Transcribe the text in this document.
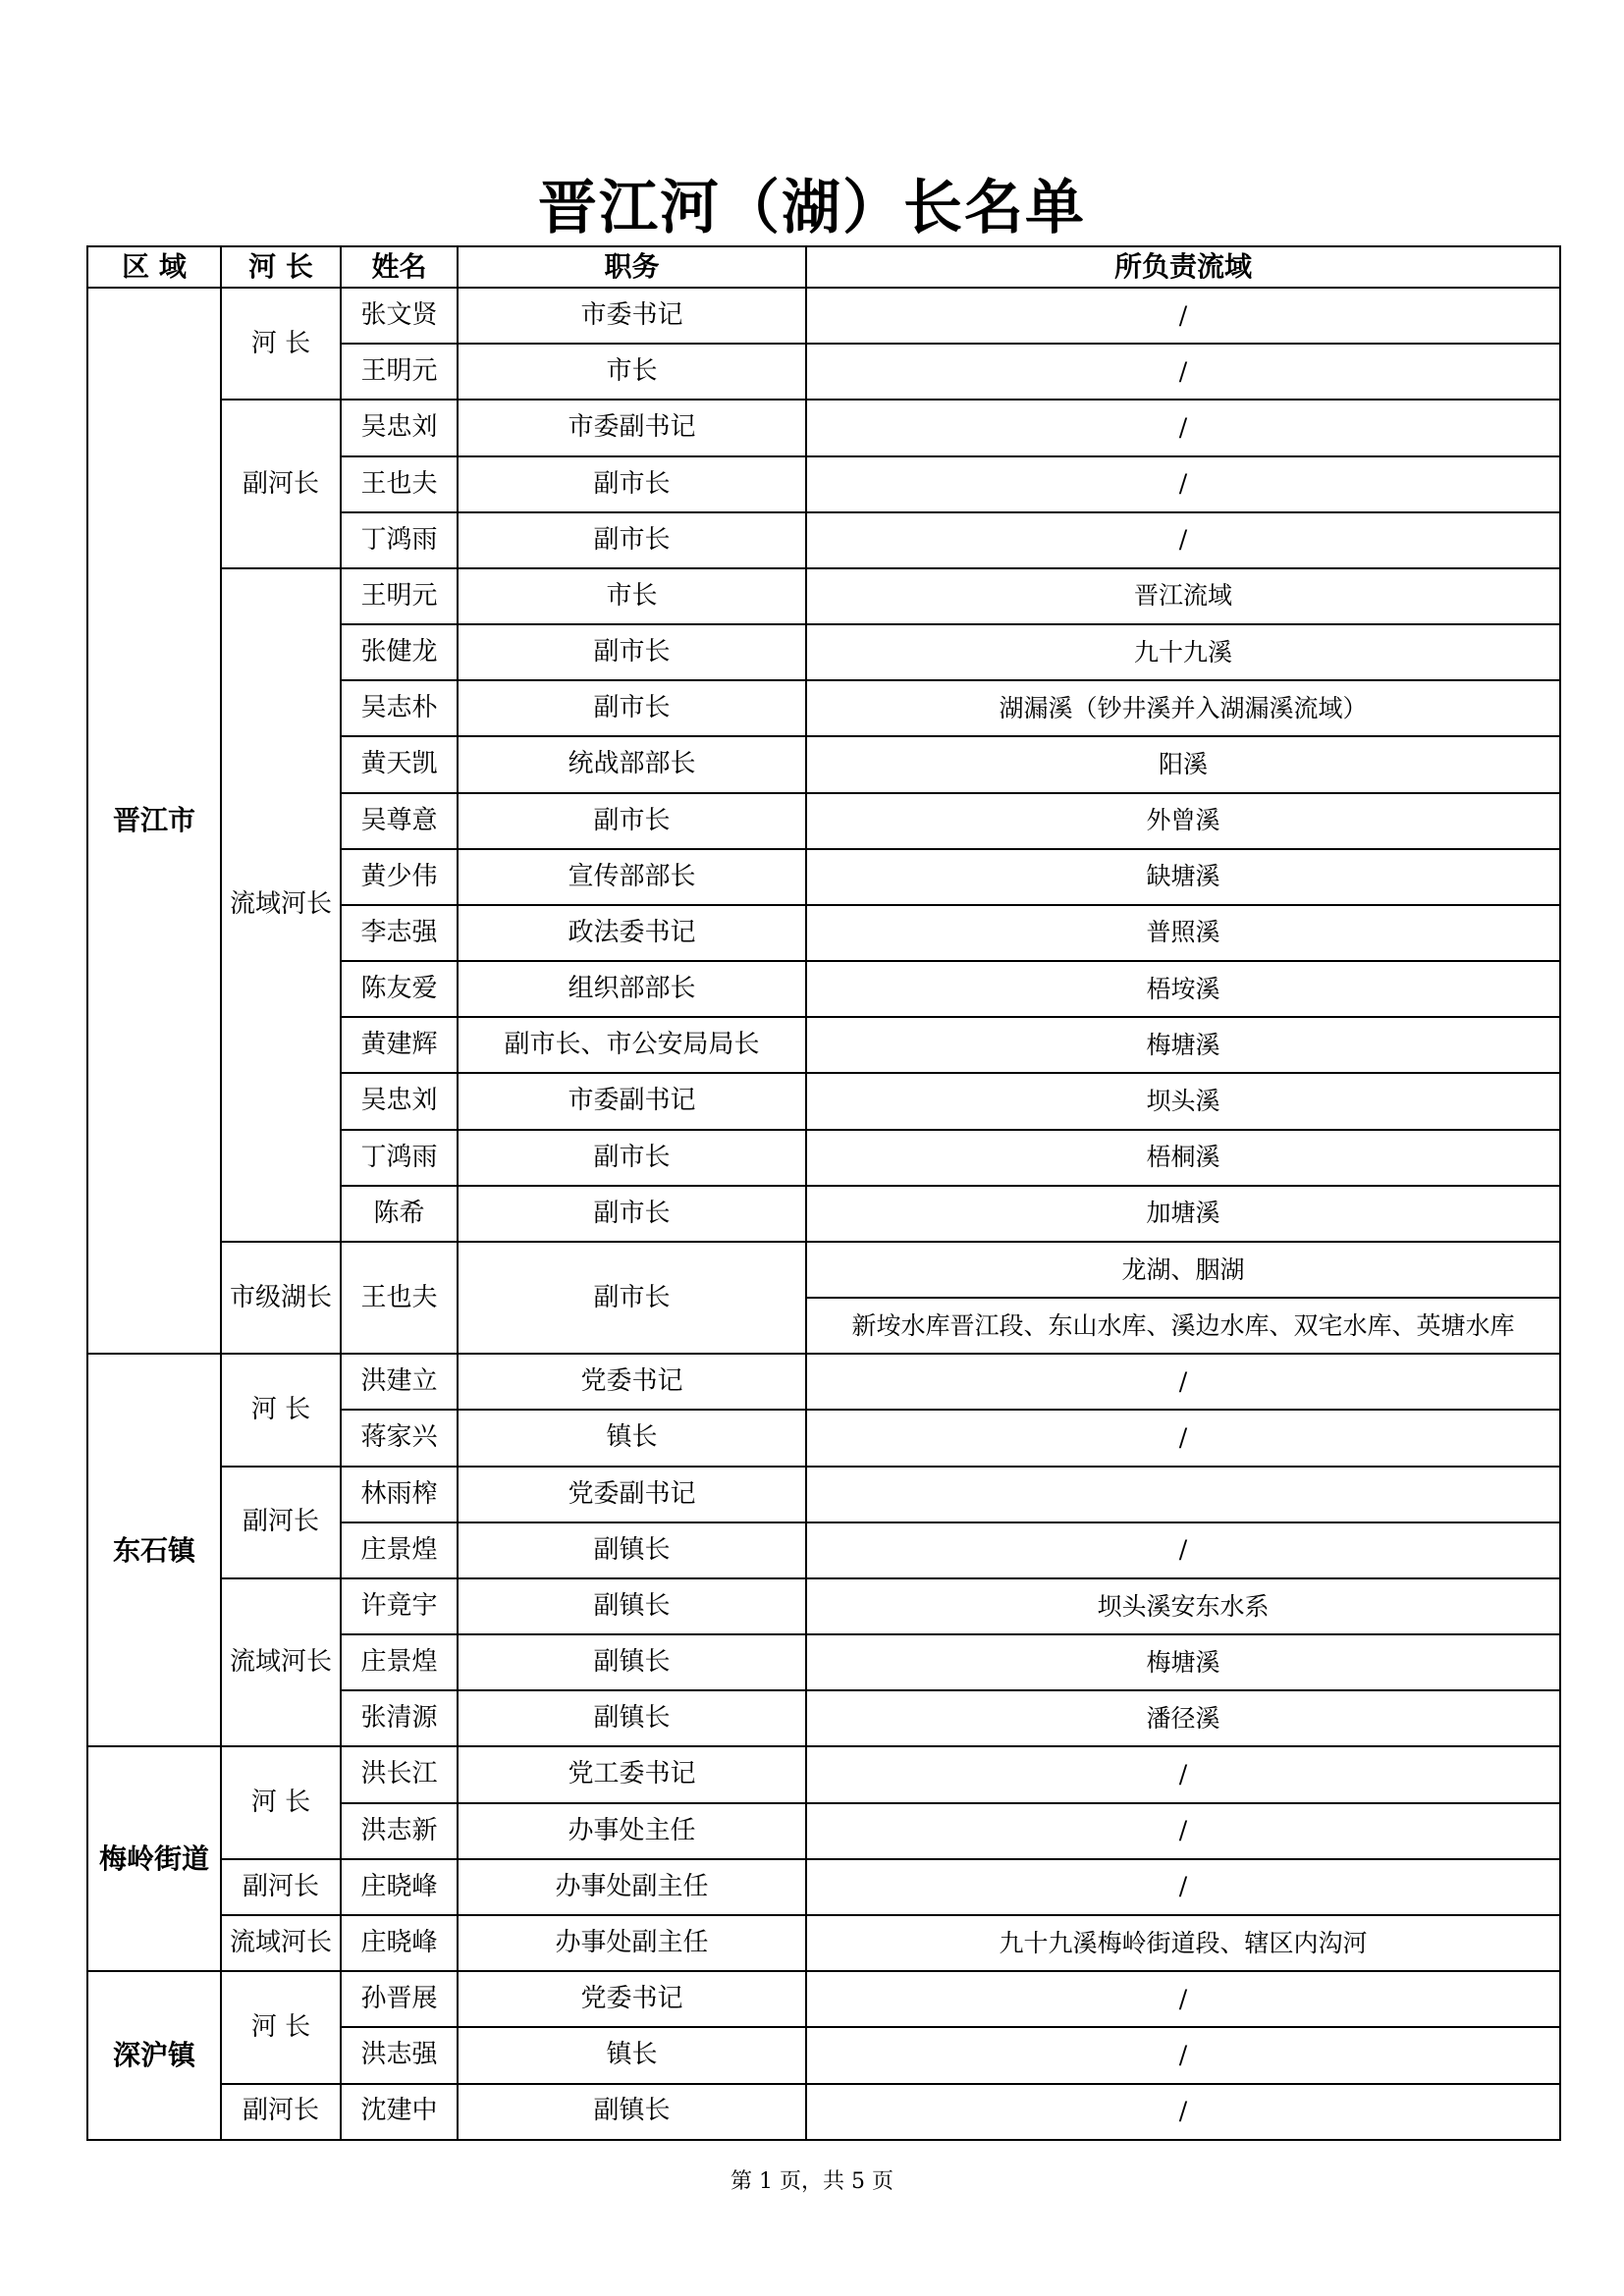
晋江河（湖）长名单
区 域	河 长	姓名	职务	所负责流域
晋江市	河 长	张文贤	市委书记	/
		王明元	市长	/
	副河长	吴忠刘	市委副书记	/
		王也夫	副市长	/
		丁鸿雨	副市长	/
	流域河长	王明元	市长	晋江流域
		张健龙	副市长	九十九溪
		吴志朴	副市长	湖漏溪（钞井溪并入湖漏溪流域）
		黄天凯	统战部部长	阳溪
		吴尊意	副市长	外曾溪
		黄少伟	宣传部部长	缺塘溪
		李志强	政法委书记	普照溪
		陈友爱	组织部部长	梧垵溪
		黄建辉	副市长、市公安局局长	梅塘溪
		吴忠刘	市委副书记	坝头溪
		丁鸿雨	副市长	梧桐溪
		陈希	副市长	加塘溪
	市级湖长	王也夫	副市长	龙湖、胭湖
				新垵水库晋江段、东山水库、溪边水库、双宅水库、英塘水库
东石镇	河 长	洪建立	党委书记	/
		蒋家兴	镇长	/
	副河长	林雨榨	党委副书记	
		庄景煌	副镇长	/
	流域河长	许竟宇	副镇长	坝头溪安东水系
		庄景煌	副镇长	梅塘溪
		张清源	副镇长	潘径溪
梅岭街道	河 长	洪长江	党工委书记	/
		洪志新	办事处主任	/
	副河长	庄晓峰	办事处副主任	/
	流域河长	庄晓峰	办事处副主任	九十九溪梅岭街道段、辖区内沟河
深沪镇	河 长	孙晋展	党委书记	/
		洪志强	镇长	/
	副河长	沈建中	副镇长	/
第 1 页，共 5 页
